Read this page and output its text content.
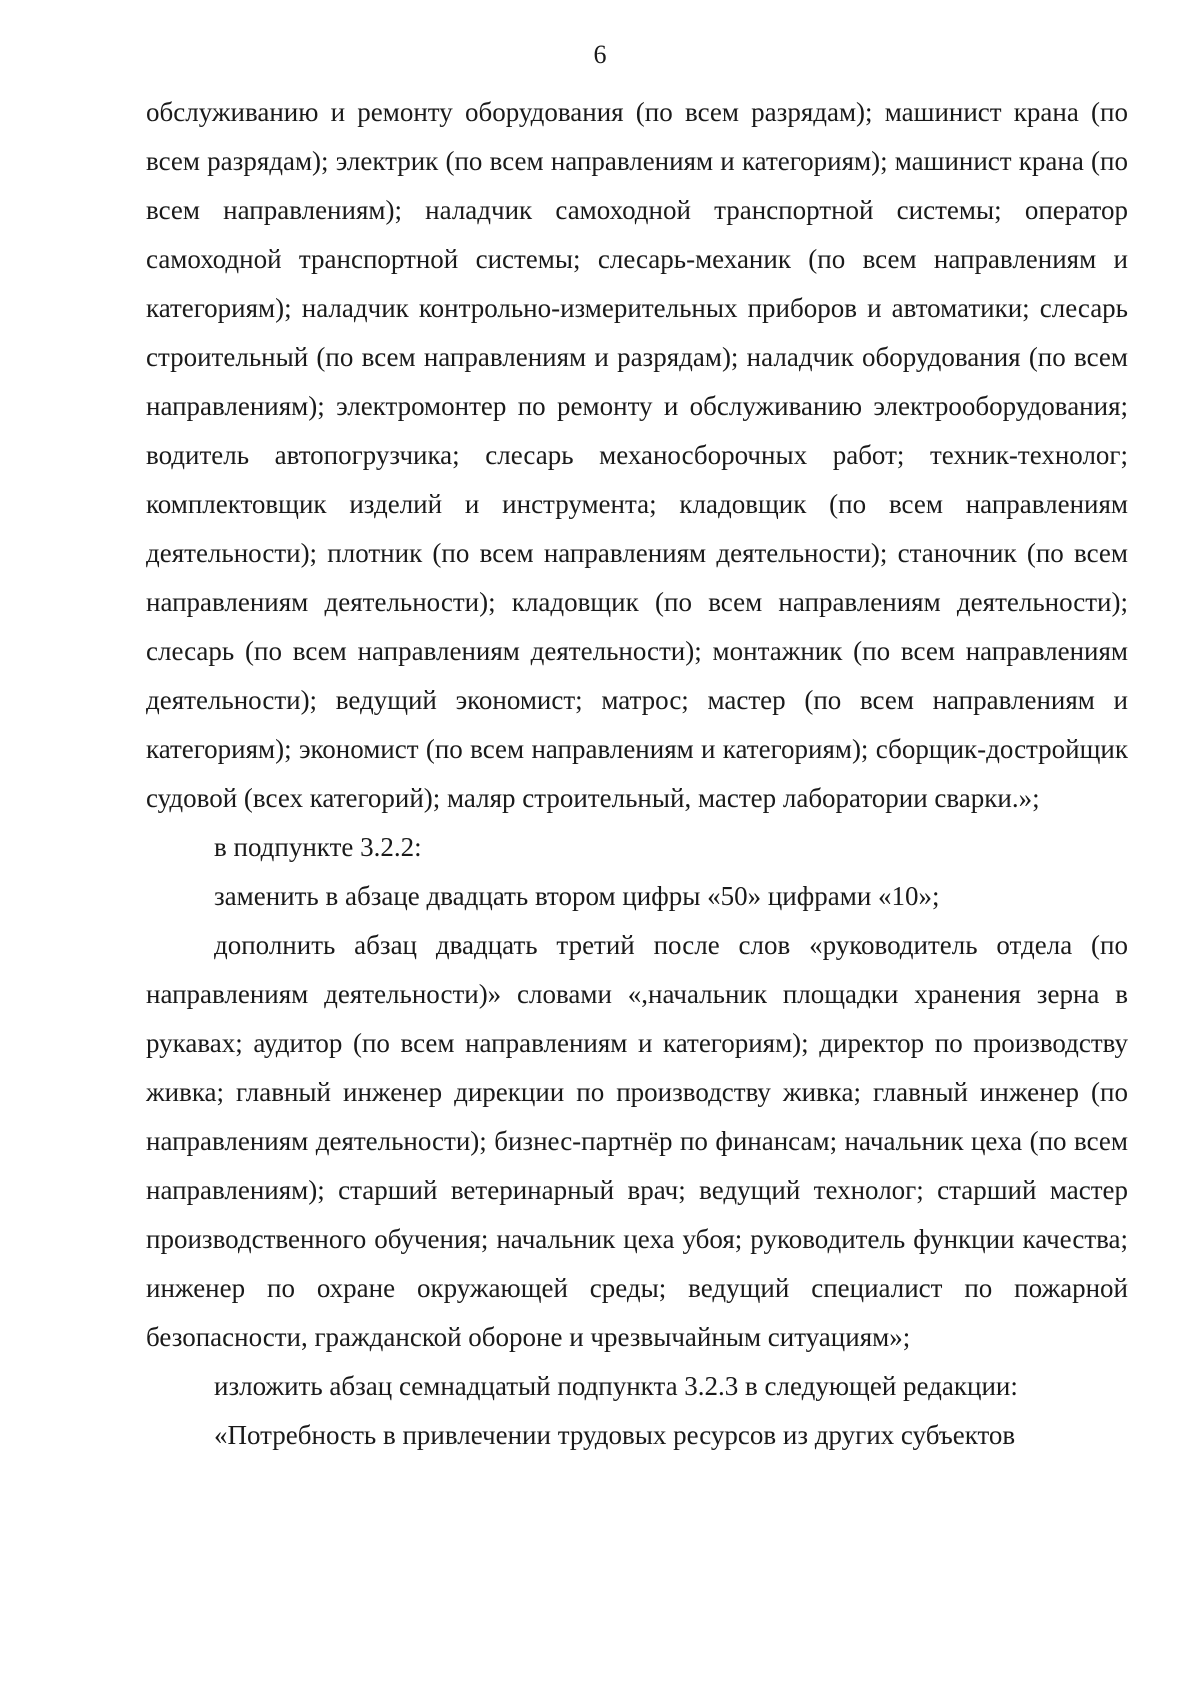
6

обслуживанию и ремонту оборудования (по всем разрядам); машинист крана (по всем разрядам); электрик (по всем направлениям и категориям); машинист крана (по всем направлениям); наладчик самоходной транспортной системы; оператор самоходной транспортной системы; слесарь-механик (по всем направлениям и категориям); наладчик контрольно-измерительных приборов и автоматики; слесарь строительный (по всем направлениям и разрядам); наладчик оборудования (по всем направлениям); электромонтер по ремонту и обслуживанию электрооборудования; водитель автопогрузчика; слесарь механосборочных работ; техник-технолог; комплектовщик изделий и инструмента; кладовщик (по всем направлениям деятельности); плотник (по всем направлениям деятельности); станочник (по всем направлениям деятельности); кладовщик (по всем направлениям деятельности); слесарь (по всем направлениям деятельности); монтажник (по всем направлениям деятельности); ведущий экономист; матрос; мастер (по всем направлениям и категориям); экономист (по всем направлениям и категориям); сборщик-достройщик судовой (всех категорий); маляр строительный, мастер лаборатории сварки.»;

в подпункте 3.2.2:

заменить в абзаце двадцать втором цифры «50» цифрами «10»;

дополнить абзац двадцать третий после слов «руководитель отдела (по направлениям деятельности)» словами «,начальник площадки хранения зерна в рукавах; аудитор (по всем направлениям и категориям); директор по производству живка; главный инженер дирекции по производству живка; главный инженер (по направлениям деятельности); бизнес-партнёр по финансам; начальник цеха (по всем направлениям); старший ветеринарный врач; ведущий технолог; старший мастер производственного обучения; начальник цеха убоя; руководитель функции качества; инженер по охране окружающей среды; ведущий специалист по пожарной безопасности, гражданской обороне и чрезвычайным ситуациям»;

изложить абзац семнадцатый подпункта 3.2.3 в следующей редакции:

«Потребность в привлечении трудовых ресурсов из других субъектов
